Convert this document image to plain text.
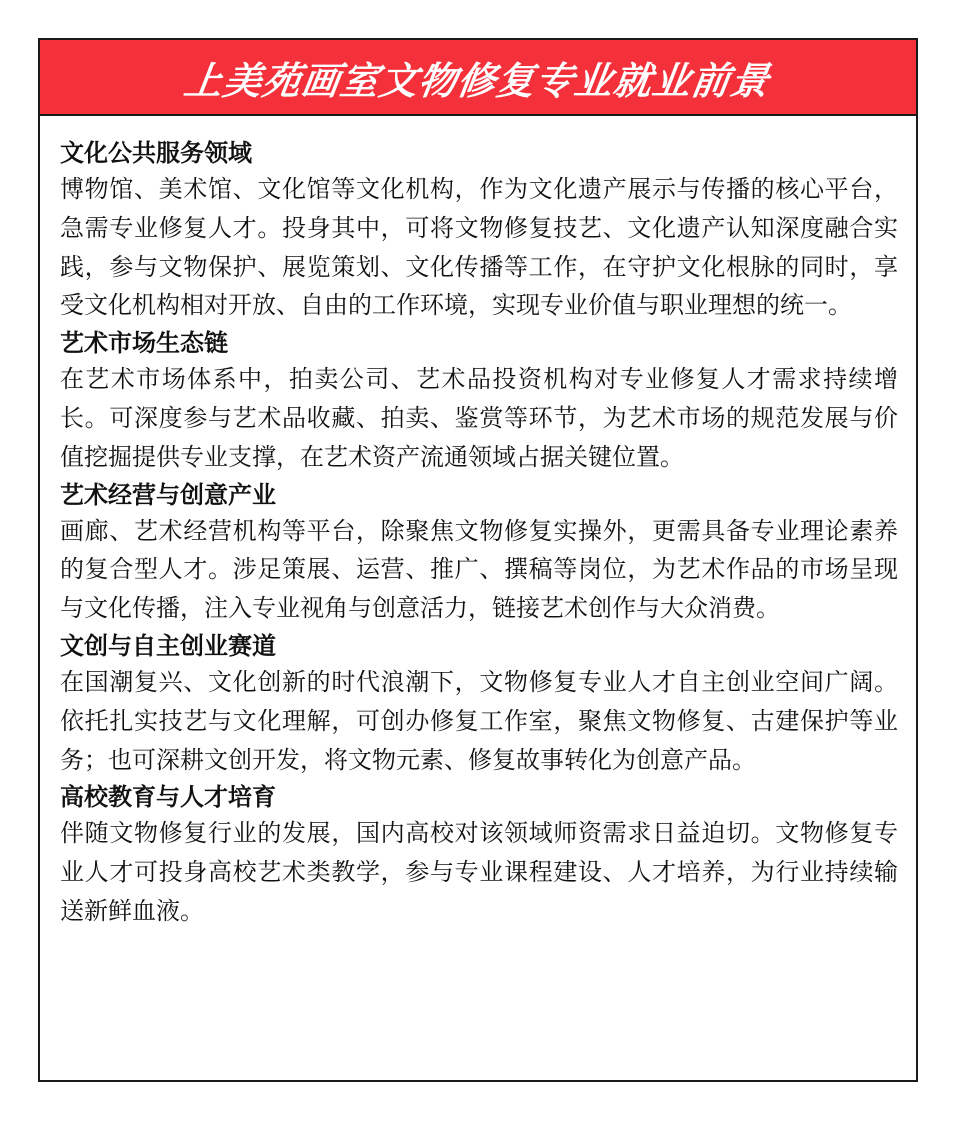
上美苑画室文物修复专业就业前景
文化公共服务领域
博物馆、美术馆、文化馆等文化机构，作为文化遗产展示与传播的核心平台，急需专业修复人才。投身其中，可将文物修复技艺、文化遗产认知深度融合实践，参与文物保护、展览策划、文化传播等工作，在守护文化根脉的同时，享受文化机构相对开放、自由的工作环境，实现专业价值与职业理想的统一。
艺术市场生态链
在艺术市场体系中，拍卖公司、艺术品投资机构对专业修复人才需求持续增长。可深度参与艺术品收藏、拍卖、鉴赏等环节，为艺术市场的规范发展与价值挖掘提供专业支撑，在艺术资产流通领域占据关键位置。
艺术经营与创意产业
画廊、艺术经营机构等平台，除聚焦文物修复实操外，更需具备专业理论素养的复合型人才。涉足策展、运营、推广、撰稿等岗位，为艺术作品的市场呈现与文化传播，注入专业视角与创意活力，链接艺术创作与大众消费。
文创与自主创业赛道
在国潮复兴、文化创新的时代浪潮下，文物修复专业人才自主创业空间广阔。依托扎实技艺与文化理解，可创办修复工作室，聚焦文物修复、古建保护等业务；也可深耕文创开发，将文物元素、修复故事转化为创意产品。
高校教育与人才培育
伴随文物修复行业的发展，国内高校对该领域师资需求日益迫切。文物修复专业人才可投身高校艺术类教学，参与专业课程建设、人才培养，为行业持续输送新鲜血液。
